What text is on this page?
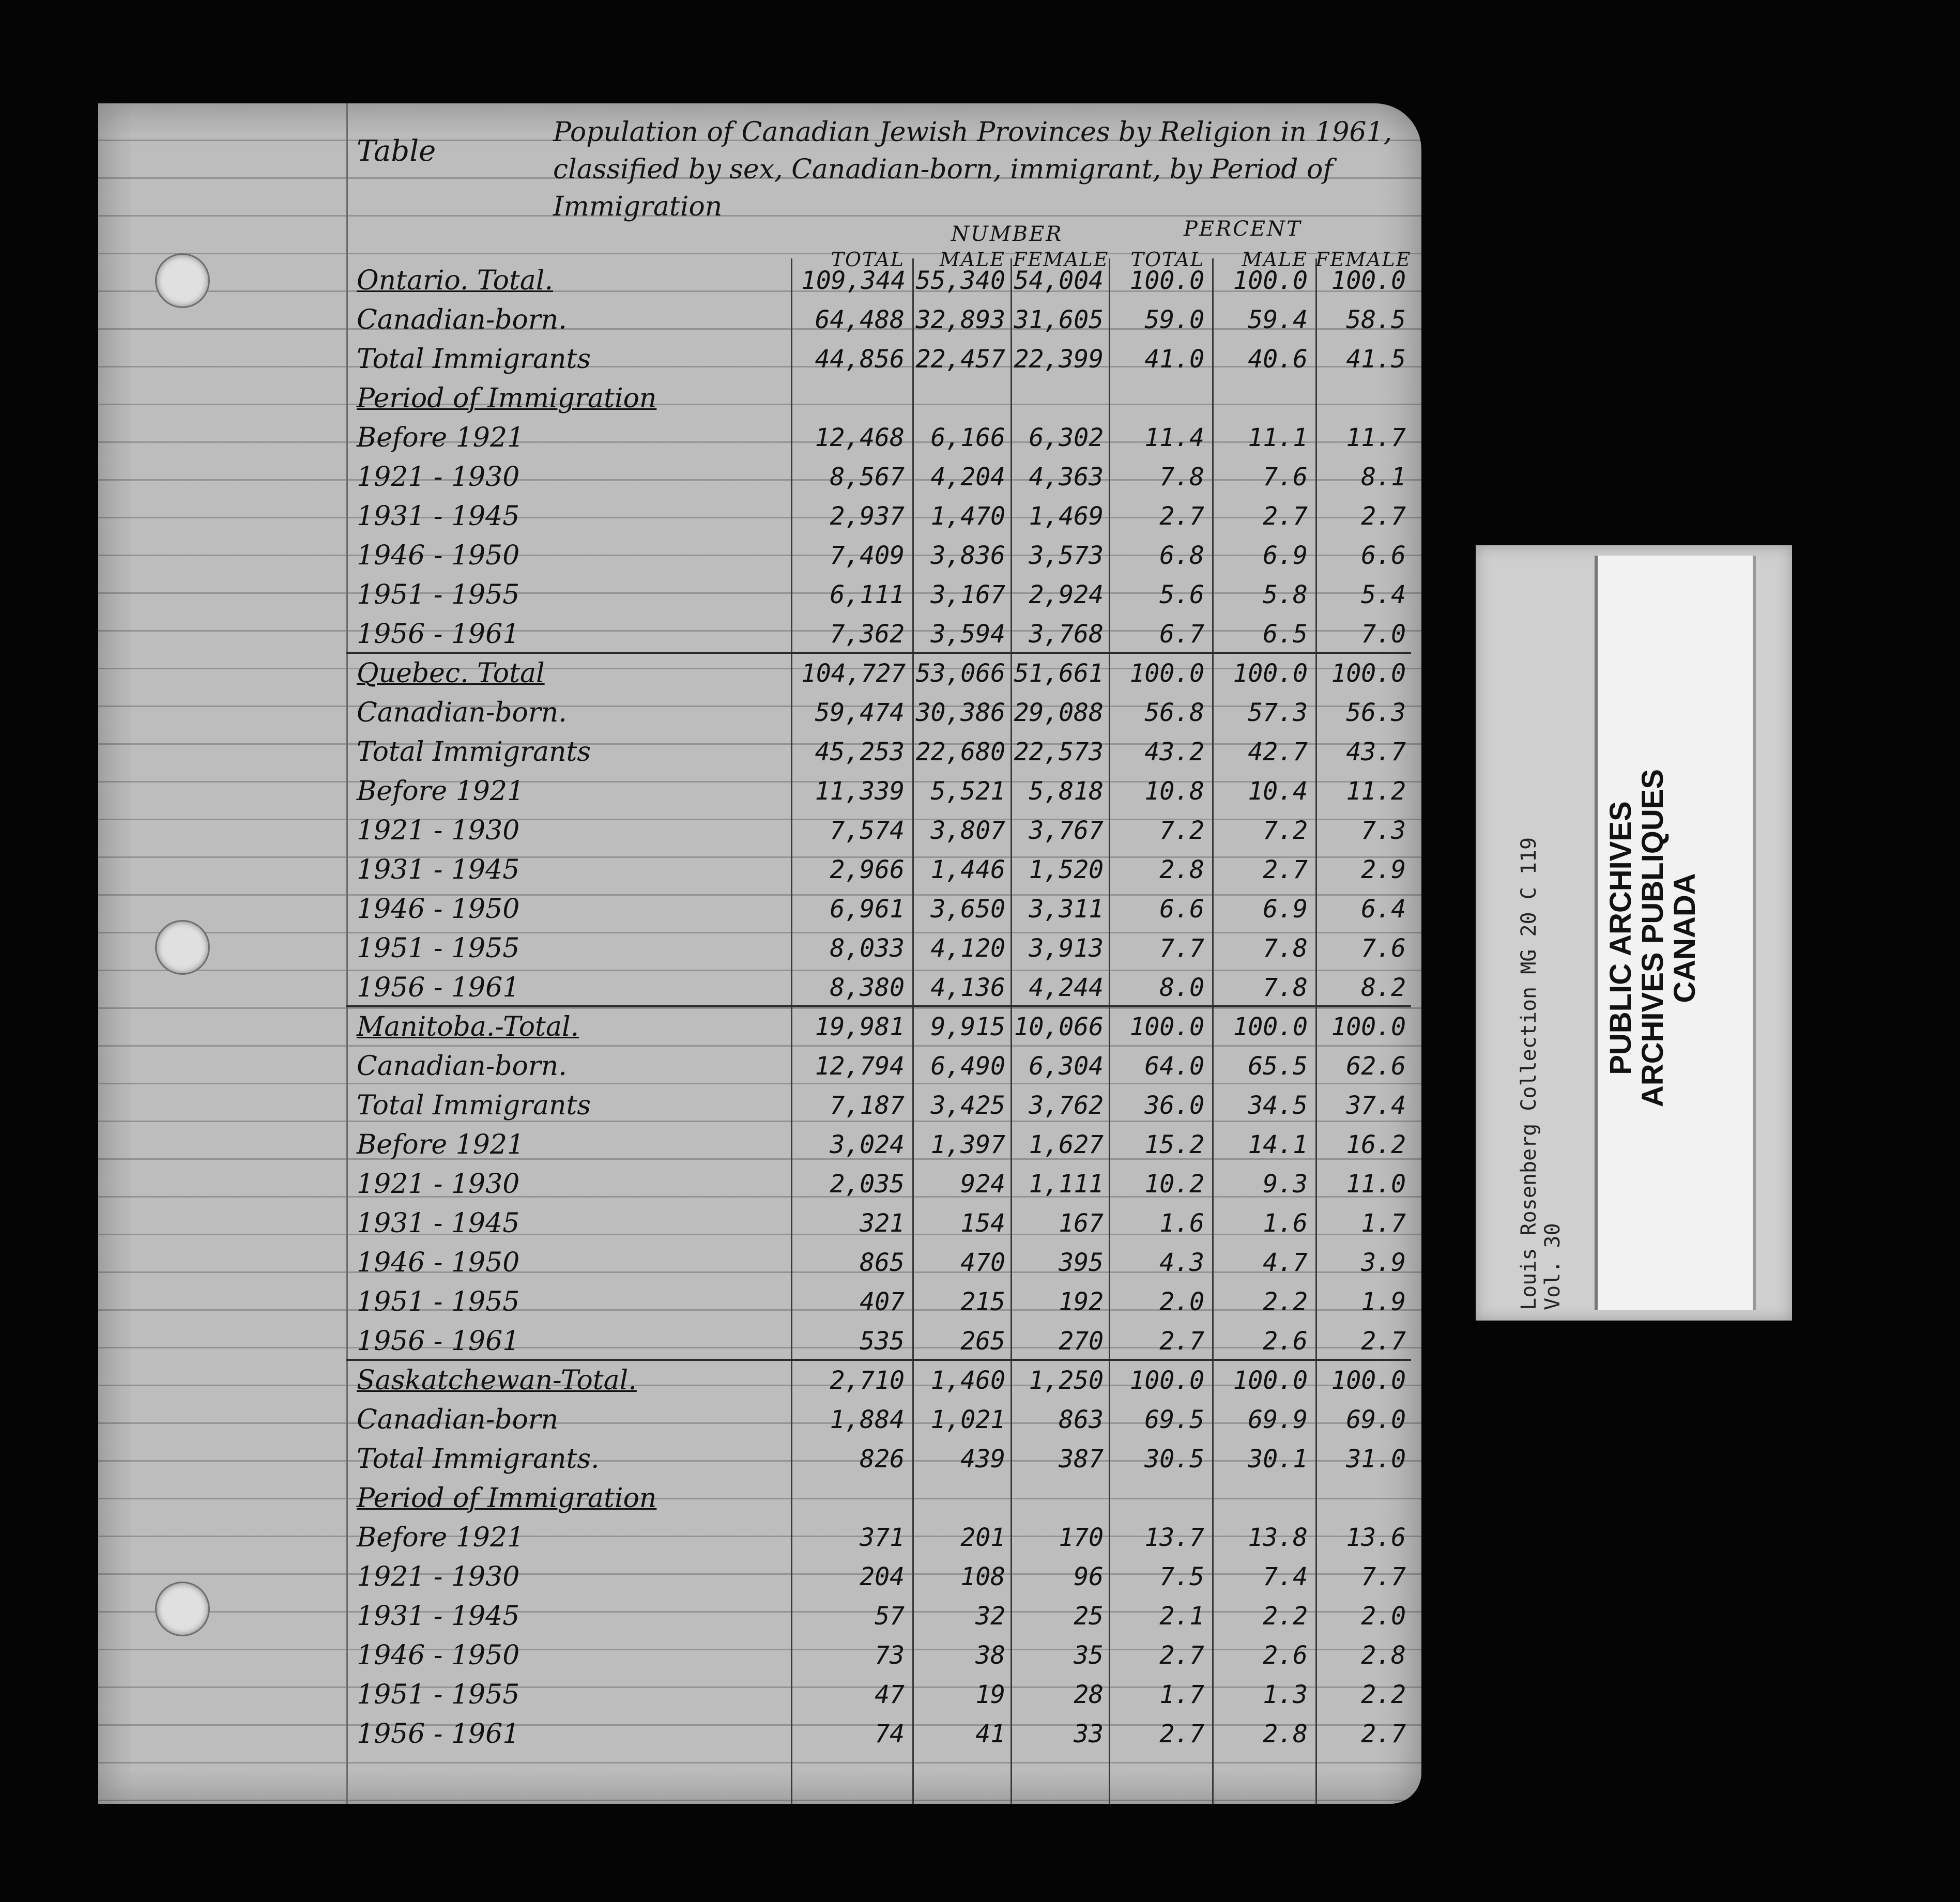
Table
Population of Canadian Jewish Provinces by Religion in 1961, classified by sex, Canadian-born, immigrant, by Period of Immigration
NUMBER	PERCENT
TOTAL	MALE FEMALE	TOTAL	MALE FEMALE
Ontario. Total.	109,344 55,340 54,004	100.0	100.0 100.0
Canadian-born.	64,488 32,893 31,605	59.0	59.4	58.5
Total Immigrants	44,856 22,457 22,399	41.0	40.6	41.5
Period of Immigration
Before 1921	12,468	6,166 6,302	11.4	11.1	11.7
1921 - 1930	8,567	4,204 4,363	7.8	7.6	8.1
1931 - 1945	2,937	1,470 1,469	2.7	2.7	2.7
1946 - 1950	7,409	3,836 3,573	6.8	6.9	6.6
1951 - 1955	6,111	3,167 2,924	5.6	5.8	5.4
1956 - 1961	7,362	3,594 3,768	6.7	6.5	7.0
Quebec. Total	104,727 53,066 51,661	100.0	100.0 100.0
Canadian-born.	59,474 30,386 29,088	56.8	57.3	56.3
Total Immigrants	45,253 22,680 22,573	43.2	42.7	43.7
Before 1921	11,339	5,521 5,818	10.8	10.4	11.2
1921 - 1930	7,574	3,807 3,767	7.2	7.2	7.3
1931 - 1945	2,966	1,446 1,520	2.8	2.7	2.9
1946 - 1950	6,961	3,650 3,311	6.6	6.9	6.4
1951 - 1955	8,033	4,120 3,913	7.7	7.8	7.6
1956 - 1961	8,380	4,136 4,244	8.0	7.8	8.2
Manitoba.-Total.	19,981	9,915 10,066	100.0	100.0 100.0
Canadian-born.	12,794	6,490 6,304	64.0	65.5	62.6
Total Immigrants	7,187	3,425 3,762	36.0	34.5	37.4
Before 1921	3,024	1,397 1,627	15.2	14.1	16.2
1921 - 1930	2,035	924 1,111	10.2	9.3	11.0
1931 - 1945	321	154	167	1.6	1.6	1.7
1946 - 1950	865	470	395	4.3	4.7	3.9
1951 - 1955	407	215	192	2.0	2.2	1.9
1956 - 1961	535	265	270	2.7	2.6	2.7
Saskatchewan-Total.	2,710	1,460 1,250	100.0	100.0 100.0
Canadian-born	1,884	1,021	863	69.5	69.9	69.0
Total Immigrants.	826	439	387	30.5	30.1	31.0
Period of Immigration
Before 1921	371	201	170	13.7	13.8	13.6
1921 - 1930	204	108	96	7.5	7.4	7.7
1931 - 1945	57	32	25	2.1	2.2	2.0
1946 - 1950	73	38	35	2.7	2.6	2.8
1951 - 1955	47	19	28	1.7	1.3	2.2
1956 - 1961	74	41	33	2.7	2.8	2.7
Louis Rosenberg Collection MG 20 C 119 Vol. 30
PUBLIC ARCHIVES
ARCHIVES PUBLIQUES
CANADA
